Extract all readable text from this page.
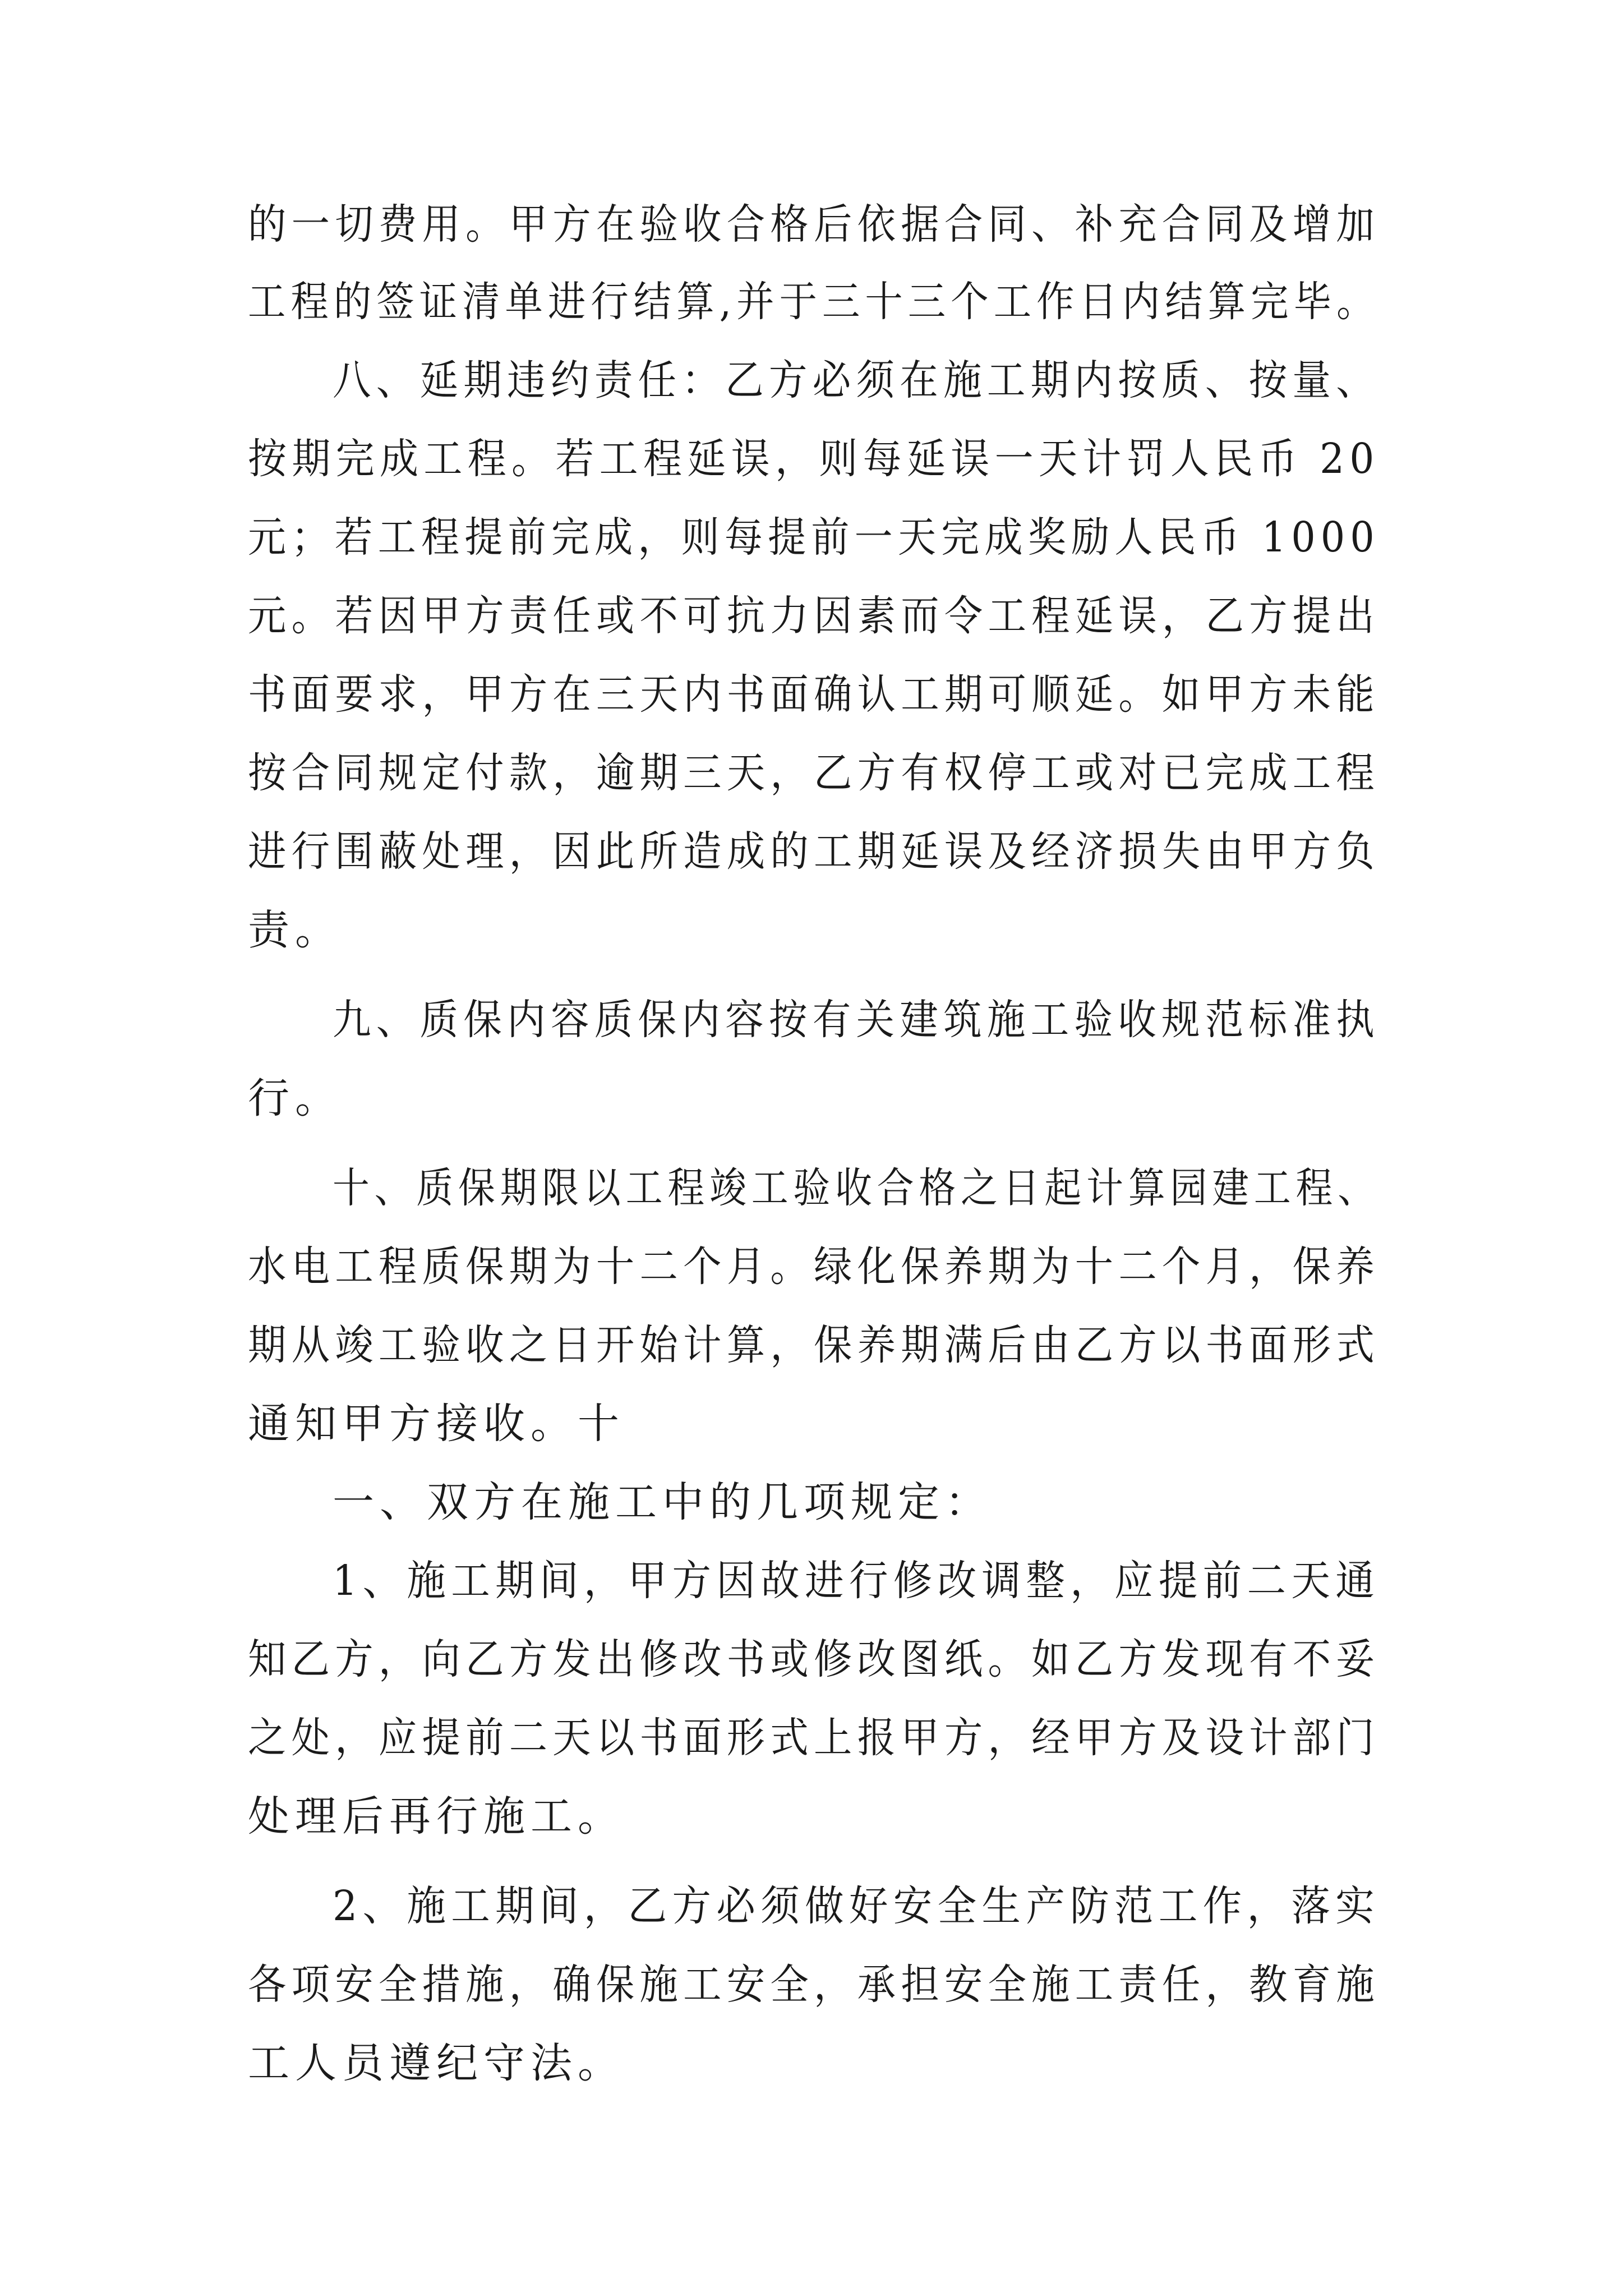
的一切费用。甲方在验收合格后依据合同、补充合同及增加
工程的签证清单进行结算,并于三十三个工作日内结算完毕。
八、延期违约责任：乙方必须在施工期内按质、按量、
按期完成工程。若工程延误，则每延误一天计罚人民币 20
元；若工程提前完成，则每提前一天完成奖励人民币 1000
元。若因甲方责任或不可抗力因素而令工程延误，乙方提出
书面要求，甲方在三天内书面确认工期可顺延。如甲方未能
按合同规定付款，逾期三天，乙方有权停工或对已完成工程
进行围蔽处理，因此所造成的工期延误及经济损失由甲方负
责。
九、质保内容质保内容按有关建筑施工验收规范标准执
行。
十、质保期限以工程竣工验收合格之日起计算园建工程、
水电工程质保期为十二个月。绿化保养期为十二个月，保养
期从竣工验收之日开始计算，保养期满后由乙方以书面形式
通知甲方接收。十
一、双方在施工中的几项规定：
1、施工期间，甲方因故进行修改调整，应提前二天通
知乙方，向乙方发出修改书或修改图纸。如乙方发现有不妥
之处，应提前二天以书面形式上报甲方，经甲方及设计部门
处理后再行施工。
2、施工期间，乙方必须做好安全生产防范工作，落实
各项安全措施，确保施工安全，承担安全施工责任，教育施
工人员遵纪守法。
